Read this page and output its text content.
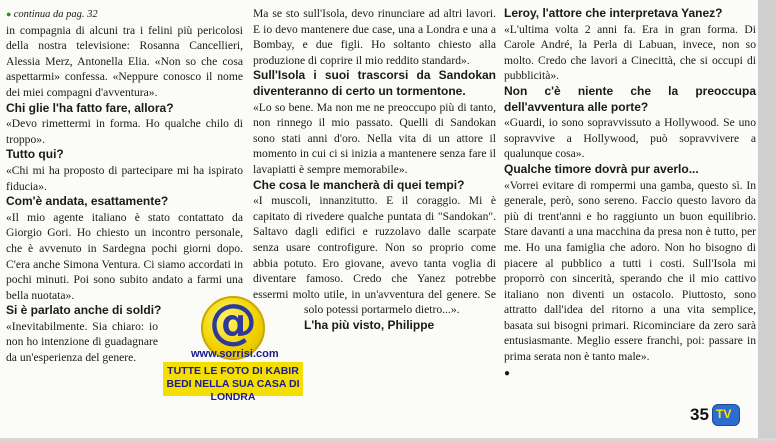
● continua da pag. 32

in compagnia di alcuni tra i felini più pericolosi della nostra televisione: Rosanna Cancellieri, Alessia Merz, Antonella Elia. «Non so che cosa aspettarmi» confessa. «Neppure conosco il nome dei miei compagni d'avventura».

Chi glie l'ha fatto fare, allora?

«Devo rimettermi in forma. Ho qualche chilo di troppo».

Tutto qui?

«Chi mi ha proposto di partecipare mi ha ispirato fiducia».

Com'è andata, esattamente?

«Il mio agente italiano è stato contattato da Giorgio Gori. Ho chiesto un incontro personale, che è avvenuto in Sardegna pochi giorni dopo. C'era anche Simona Ventura. Ci siamo accordati in pochi minuti. Poi sono subito andato a farmi una bella nuotata».

Si è parlato anche di soldi?

«Inevitabilmente. Sia chiaro: io non ho intenzione di guadagnare da un'esperienza del genere.

Ma se sto sull'Isola, devo rinunciare ad altri lavori. E io devo mantenere due case, una a Londra e una a Bombay, e due figli. Ho soltanto chiesto alla produzione di coprire il mio reddito standard».

Sull'Isola i suoi trascorsi da Sandokan diventeranno di certo un tormentone.

«Lo so bene. Ma non me ne preoccupo più di tanto, non rinnego il mio passato. Quelli di Sandokan sono stati anni d'oro. Nella vita di un attore il momento in cui ci si inizia a mantenere senza fare il lavapiatti è sempre memorabile».

Che cosa le mancherà di quei tempi?

«I muscoli, innanzitutto. E il coraggio. Mi è capitato di rivedere qualche puntata di "Sandokan". Saltavo dagli edifici e ruzzolavo dalle scarpate senza usare controfigure. Non so proprio come abbia potuto. Ero giovane, avevo tanta voglia di diventare famoso. Credo che Yanez potrebbe essermi molto utile, in un'avventura del genere. Se solo potessi portarmelo dietro...».

L'ha più visto, Philippe

Leroy, l'attore che interpretava Yanez?

«L'ultima volta 2 anni fa. Era in gran forma. Di Carole André, la Perla di Labuan, invece, non so molto. Credo che lavori a Cinecittà, che si occupi di pubblicità».

Non c'è niente che la preoccupa dell'avventura alle porte?

«Guardi, io sono sopravvissuto a Hollywood. Se uno sopravvive a Hollywood, può sopravvivere a qualunque cosa».

Qualche timore dovrà pur averlo...

«Vorrei evitare di rompermi una gamba, questo sì. In generale, però, sono sereno. Faccio questo lavoro da più di trent'anni e ho raggiunto un buon equilibrio. Stare davanti a una macchina da presa non è tutto, per me. Ho una famiglia che adoro. Non ho bisogno di piacere al pubblico a tutti i costi. Sull'Isola mi proporrò con sincerità, sperando che il mio cattivo italiano non diventi un ostacolo. Piuttosto, sono attratto dall'idea del ritorno a una vita semplice, basata sui bisogni primari. Ricominciare da zero sarà entusiasmante. Meglio essere franchi, poi: passare in prima serata non è tanto male».

●
@
www.sorrisi.com
TUTTE LE FOTO DI KABIR BEDI NELLA SUA CASA DI LONDRA
35 TV
